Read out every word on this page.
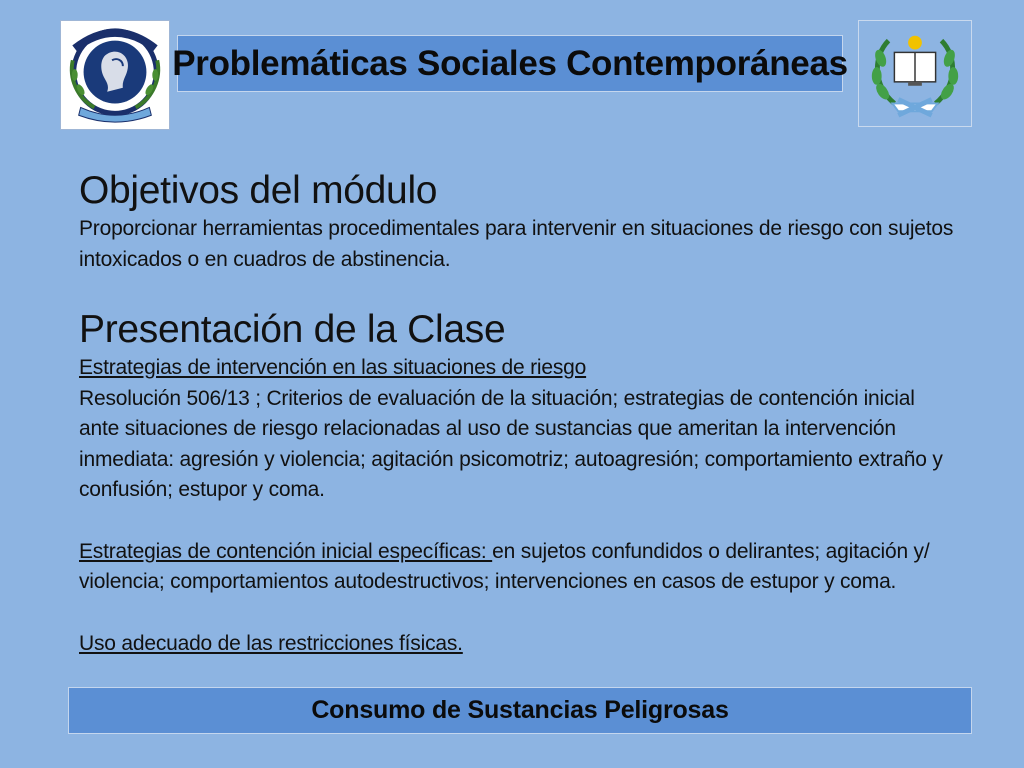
Problemáticas Sociales Contemporáneas
Objetivos del módulo

Proporcionar herramientas procedimentales para intervenir en situaciones de riesgo con sujetos intoxicados o en cuadros de abstinencia.

Presentación de la Clase

Estrategias de intervención en las situaciones de riesgo

Resolución 506/13 ; Criterios de evaluación de la situación; estrategias de contención inicial ante situaciones de riesgo relacionadas al uso de sustancias que ameritan la intervención inmediata: agresión y violencia; agitación psicomotriz; autoagresión; comportamiento extraño y confusión; estupor y coma.

Estrategias de contención inicial específicas: en sujetos confundidos o delirantes; agitación y/ violencia; comportamientos autodestructivos; intervenciones en casos de estupor y coma.

Uso adecuado de las restricciones físicas.

Consumo de Sustancias Peligrosas
